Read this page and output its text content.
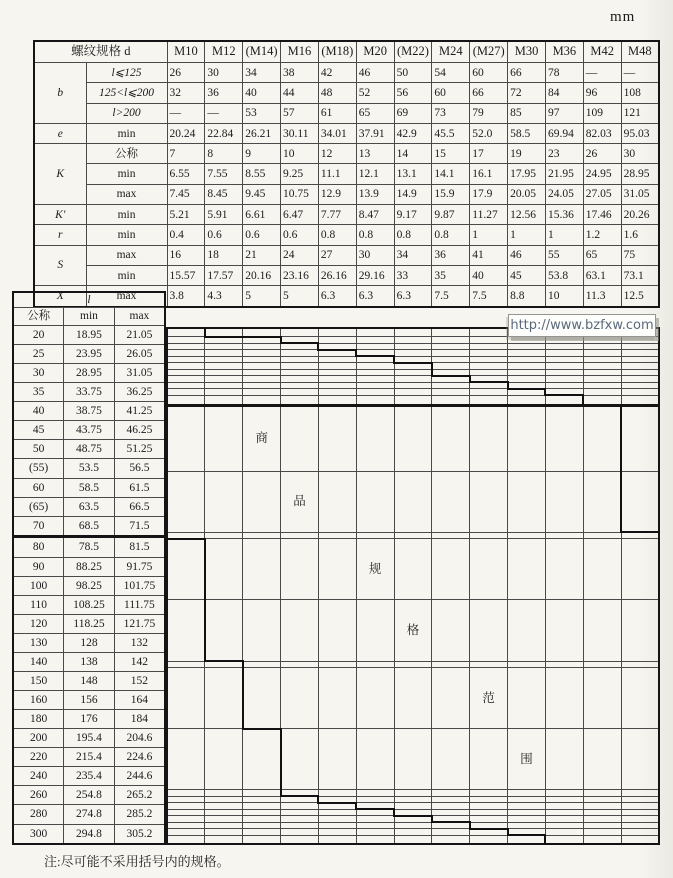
mm
螺纹规格 d		M10	M12	(M14)	M16	(M18)	M20	(M22)	M24	(M27)	M30	M36	M42	M48
b	l⩽125	26	30	34	38	42	46	50	54	60	66	78	—	—
	125<l⩽200	32	36	40	44	48	52	56	60	66	72	84	96	108
	l>200	—	—	53	57	61	65	69	73	79	85	97	109	121
e	min	20.24	22.84	26.21	30.11	34.01	37.91	42.9	45.5	52.0	58.5	69.94	82.03	95.03
K	公称	7	8	9	10	12	13	14	15	17	19	23	26	30
	min	6.55	7.55	8.55	9.25	11.1	12.1	13.1	14.1	16.1	17.95	21.95	24.95	28.95
	max	7.45	8.45	9.45	10.75	12.9	13.9	14.9	15.9	17.9	20.05	24.05	27.05	31.05
K′	min	5.21	5.91	6.61	6.47	7.77	8.47	9.17	9.87	11.27	12.56	15.36	17.46	20.26
r	min	0.4	0.6	0.6	0.6	0.8	0.8	0.8	0.8	1	1	1	1.2	1.6
S	max	16	18	21	24	27	30	34	36	41	46	55	65	75
	min	15.57	17.57	20.16	23.16	26.16	29.16	33	35	40	45	53.8	63.1	73.1
X	max	3.8	4.3	5	5	6.3	6.3	6.3	7.5	7.5	8.8	10	11.3	12.5
l		
公称	min	max
20	18.95	21.05
25	23.95	26.05
30	28.95	31.05
35	33.75	36.25
40	38.75	41.25
45	43.75	46.25
50	48.75	51.25
(55)	53.5	56.5
60	58.5	61.5
(65)	63.5	66.5
70	68.5	71.5
80	78.5	81.5
90	88.25	91.75
100	98.25	101.75
110	108.25	111.75
120	118.25	121.75
130	128	132
140	138	142
150	148	152
160	156	164
180	176	184
200	195.4	204.6
220	215.4	224.6
240	235.4	244.6
260	254.8	265.2
280	274.8	285.2
300	294.8	305.2

		商										
			品									

					规							
						格						

								范				
									围			

http://www.bzfxw.com
注:尽可能不采用括号内的规格。
